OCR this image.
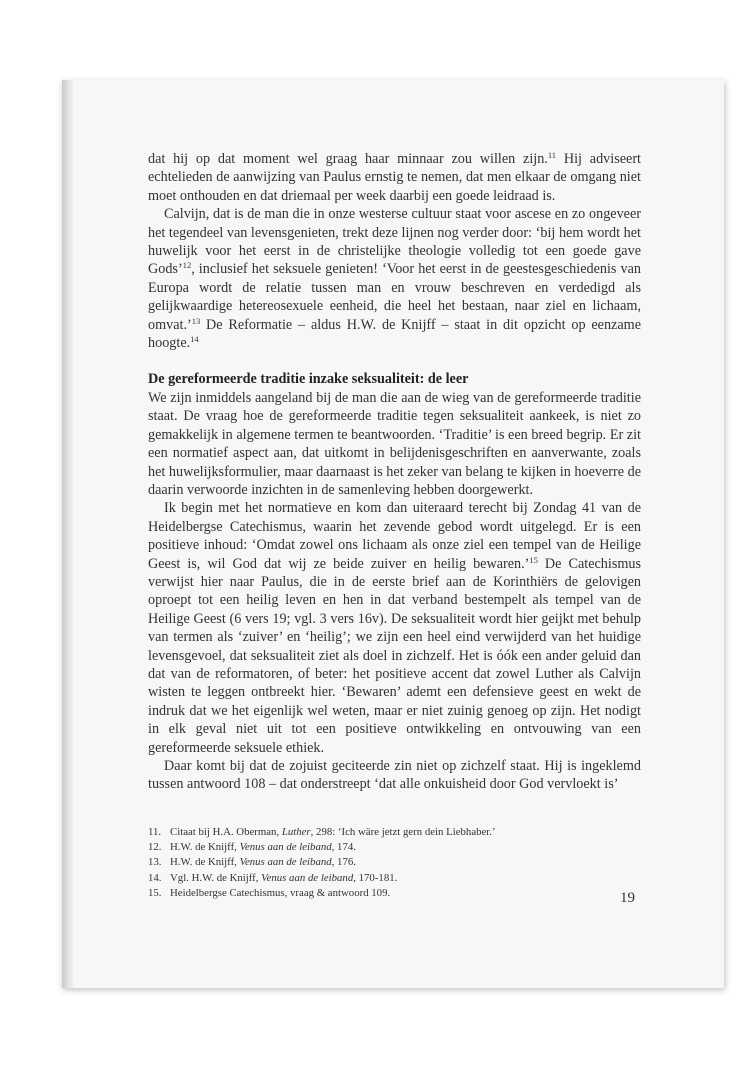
dat hij op dat moment wel graag haar minnaar zou willen zijn.$^{11}$ Hij adviseert echtelieden de aanwijzing van Paulus ernstig te nemen, dat men elkaar de omgang niet moet onthouden en dat driemaal per week daarbij een goede leidraad is.

Calvijn, dat is de man die in onze westerse cultuur staat voor ascese en zo ongeveer het tegendeel van levensgenieten, trekt deze lijnen nog verder door: ‘bij hem wordt het huwelijk voor het eerst in de christelijke theologie volledig tot een goede gave Gods’$^{12}$, inclusief het seksuele genieten! ‘Voor het eerst in de geestesgeschiedenis van Europa wordt de relatie tussen man en vrouw beschreven en verdedigd als gelijkwaardige hetereosexuele eenheid, die heel het bestaan, naar ziel en lichaam, omvat.’$^{13}$ De Reformatie – aldus H.W. de Knijff – staat in dit opzicht op eenzame hoogte.$^{14}$

De gereformeerde traditie inzake seksualiteit: de leer

We zijn inmiddels aangeland bij de man die aan de wieg van de gereformeerde traditie staat. De vraag hoe de gereformeerde traditie tegen seksualiteit aankeek, is niet zo gemakkelijk in algemene termen te beantwoorden. ‘Traditie’ is een breed begrip. Er zit een normatief aspect aan, dat uitkomt in belijdenisgeschriften en aanverwante, zoals het huwelijksformulier, maar daarnaast is het zeker van belang te kijken in hoeverre de daarin verwoorde inzichten in de samenleving hebben doorgewerkt.

Ik begin met het normatieve en kom dan uiteraard terecht bij Zondag 41 van de Heidelbergse Catechismus, waarin het zevende gebod wordt uitgelegd. Er is een positieve inhoud: ‘Omdat zowel ons lichaam als onze ziel een tempel van de Heilige Geest is, wil God dat wij ze beide zuiver en heilig bewaren.’$^{15}$ De Catechismus verwijst hier naar Paulus, die in de eerste brief aan de Korinthiërs de gelovigen oproept tot een heilig leven en hen in dat verband bestempelt als tempel van de Heilige Geest (6 vers 19; vgl. 3 vers 16v). De seksualiteit wordt hier geijkt met behulp van termen als ‘zuiver’ en ‘heilig’; we zijn een heel eind verwijderd van het huidige levensgevoel, dat seksualiteit ziet als doel in zichzelf. Het is óók een ander geluid dan dat van de reformatoren, of beter: het positieve accent dat zowel Luther als Calvijn wisten te leggen ontbreekt hier. ‘Bewaren’ ademt een defensieve geest en wekt de indruk dat we het eigenlijk wel weten, maar er niet zuinig genoeg op zijn. Het nodigt in elk geval niet uit tot een positieve ontwikkeling en ontvouwing van een gereformeerde seksuele ethiek.

Daar komt bij dat de zojuist geciteerde zin niet op zichzelf staat. Hij is ingeklemd tussen antwoord 108 – dat onderstreept ‘dat alle onkuisheid door God vervloekt is’

11. Citaat bij H.A. Oberman, Luther, 298: ‘Ich wäre jetzt gern dein Liebhaber.’
12. H.W. de Knijff, Venus aan de leiband, 174.
13. H.W. de Knijff, Venus aan de leiband, 176.
14. Vgl. H.W. de Knijff, Venus aan de leiband, 170-181.
15. Heidelbergse Catechismus, vraag & antwoord 109.	19
